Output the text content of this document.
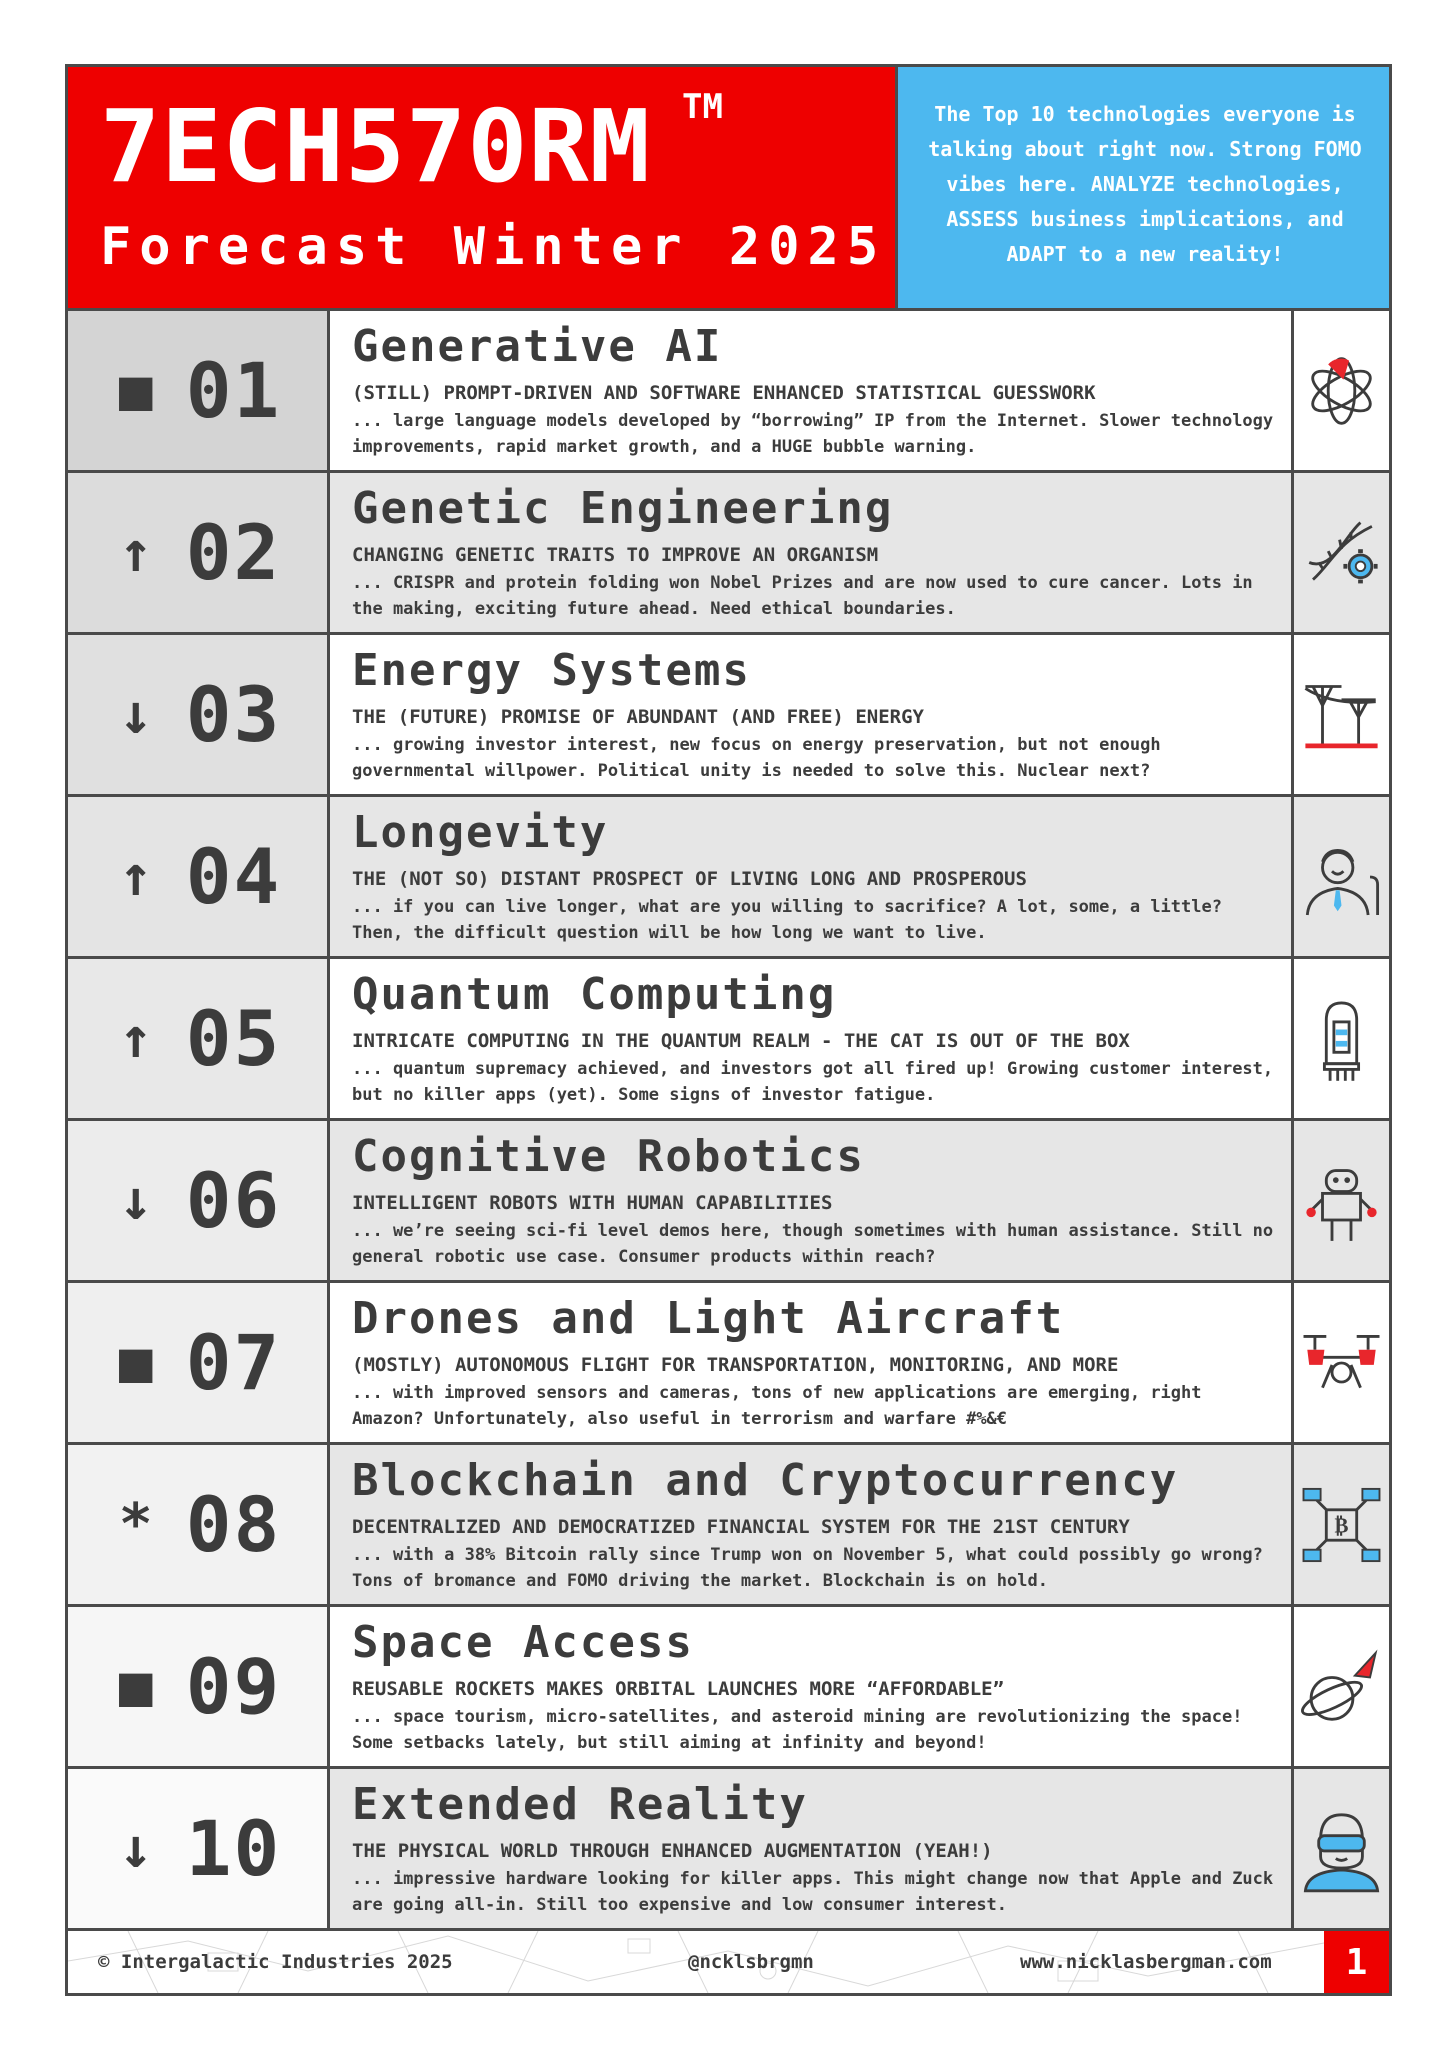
7ECH570RM TM
Forecast Winter 2025
The Top 10 technologies everyone is talking about right now. Strong FOMO vibes here. ANALYZE technologies, ASSESS business implications, and ADAPT to a new reality!
■ 01 Generative AI
(STILL) PROMPT-DRIVEN AND SOFTWARE ENHANCED STATISTICAL GUESSWORK
... large language models developed by “borrowing” IP from the Internet. Slower technology improvements, rapid market growth, and a HUGE bubble warning.
↑ 02 Genetic Engineering
CHANGING GENETIC TRAITS TO IMPROVE AN ORGANISM
... CRISPR and protein folding won Nobel Prizes and are now used to cure cancer. Lots in the making, exciting future ahead. Need ethical boundaries.
↓ 03 Energy Systems
THE (FUTURE) PROMISE OF ABUNDANT (AND FREE) ENERGY
... growing investor interest, new focus on energy preservation, but not enough governmental willpower. Political unity is needed to solve this. Nuclear next?
↑ 04 Longevity
THE (NOT SO) DISTANT PROSPECT OF LIVING LONG AND PROSPEROUS
... if you can live longer, what are you willing to sacrifice? A lot, some, a little? Then, the difficult question will be how long we want to live.
↑ 05 Quantum Computing
INTRICATE COMPUTING IN THE QUANTUM REALM - THE CAT IS OUT OF THE BOX
... quantum supremacy achieved, and investors got all fired up! Growing customer interest, but no killer apps (yet). Some signs of investor fatigue.
↓ 06 Cognitive Robotics
INTELLIGENT ROBOTS WITH HUMAN CAPABILITIES
... we’re seeing sci-fi level demos here, though sometimes with human assistance. Still no general robotic use case. Consumer products within reach?
■ 07 Drones and Light Aircraft
(MOSTLY) AUTONOMOUS FLIGHT FOR TRANSPORTATION, MONITORING, AND MORE
... with improved sensors and cameras, tons of new applications are emerging, right Amazon? Unfortunately, also useful in terrorism and warfare #%&€
* 08 Blockchain and Cryptocurrency
DECENTRALIZED AND DEMOCRATIZED FINANCIAL SYSTEM FOR THE 21ST CENTURY
... with a 38% Bitcoin rally since Trump won on November 5, what could possibly go wrong? Tons of bromance and FOMO driving the market. Blockchain is on hold.
₿
■ 09 Space Access
REUSABLE ROCKETS MAKES ORBITAL LAUNCHES MORE “AFFORDABLE”
... space tourism, micro-satellites, and asteroid mining are revolutionizing the space! Some setbacks lately, but still aiming at infinity and beyond!
↓ 10 Extended Reality
THE PHYSICAL WORLD THROUGH ENHANCED AUGMENTATION (YEAH!)
... impressive hardware looking for killer apps. This might change now that Apple and Zuck are going all-in. Still too expensive and low consumer interest.
© Intergalactic Industries 2025	@ncklsbrgmn	www.nicklasbergman.com	1
